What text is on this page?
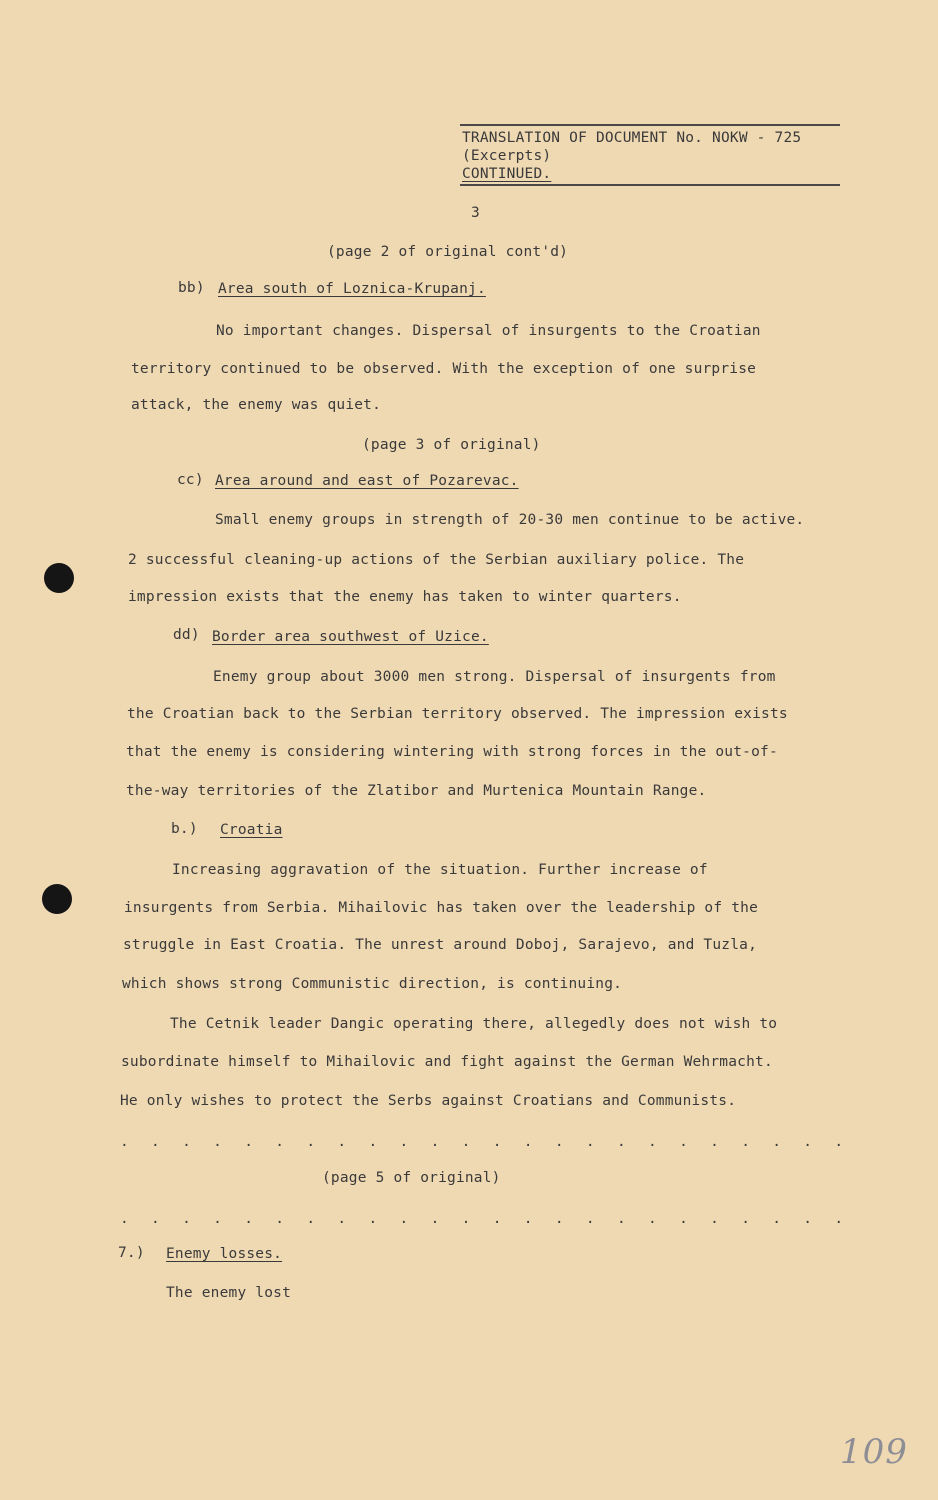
TRANSLATION OF DOCUMENT No. NOKW - 725
(Excerpts)
CONTINUED.
3
(page 2 of original cont'd)
bb) Area south of Loznica-Krupanj.
No important changes. Dispersal of insurgents to the Croatian
territory continued to be observed. With the exception of one surprise
attack, the enemy was quiet.
(page 3 of original)
cc) Area around and east of Pozarevac.
Small enemy groups in strength of 20-30 men continue to be active.
2 successful cleaning-up actions of the Serbian auxiliary police. The
impression exists that the enemy has taken to winter quarters.
dd) Border area southwest of Uzice.
Enemy group about 3000 men strong. Dispersal of insurgents from
the Croatian back to the Serbian territory observed. The impression exists
that the enemy is considering wintering with strong forces in the out-of-
the-way territories of the Zlatibor and Murtenica Mountain Range.
b.) Croatia
Increasing aggravation of the situation. Further increase of
insurgents from Serbia. Mihailovic has taken over the leadership of the
struggle in East Croatia. The unrest around Doboj, Sarajevo, and Tuzla,
which shows strong Communistic direction, is continuing.
The Cetnik leader Dangic operating there, allegedly does not wish to
subordinate himself to Mihailovic and fight against the German Wehrmacht.
He only wishes to protect the Serbs against Croatians and Communists.
. . . . . . . . . . . . . . . . . . . . . . . .
(page 5 of original)
. . . . . . . . . . . . . . . . . . . . . . . .
7.) Enemy losses.
The enemy lost
109
